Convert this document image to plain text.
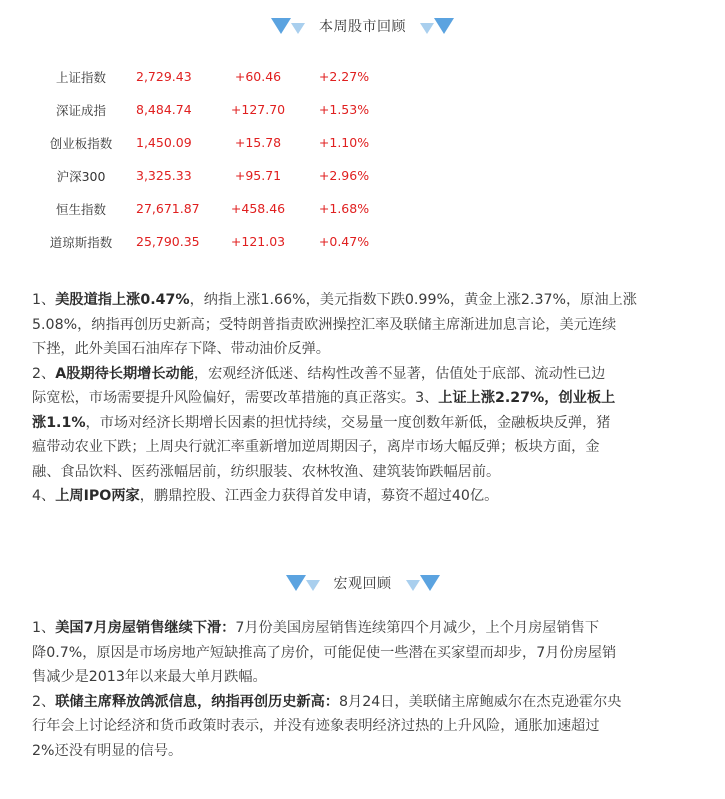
本周股市回顾
上证指数	2,729.43	+60.46	+2.27%
深证成指	8,484.74	+127.70	+1.53%
创业板指数	1,450.09	+15.78	+1.10%
沪深300	3,325.33	+95.71	+2.96%
恒生指数	27,671.87	+458.46	+1.68%
道琼斯指数	25,790.35	+121.03	+0.47%
1、美股道指上涨0.47%，纳指上涨1.66%，美元指数下跌0.99%，黄金上涨2.37%，原油上涨
5.08%，纳指再创历史新高；受特朗普指责欧洲操控汇率及联储主席渐进加息言论，美元连续
下挫，此外美国石油库存下降、带动油价反弹。
2、A股期待长期增长动能，宏观经济低迷、结构性改善不显著，估值处于底部、流动性已边
际宽松，市场需要提升风险偏好，需要改革措施的真正落实。3、上证上涨2.27%，创业板上
涨1.1%，市场对经济长期增长因素的担忧持续，交易量一度创数年新低，金融板块反弹，猪
瘟带动农业下跌；上周央行就汇率重新增加逆周期因子，离岸市场大幅反弹；板块方面，金
融、食品饮料、医药涨幅居前，纺织服装、农林牧渔、建筑装饰跌幅居前。
4、上周IPO两家，鹏鼎控股、江西金力获得首发申请，募资不超过40亿。
宏观回顾
1、美国7月房屋销售继续下滑：7月份美国房屋销售连续第四个月减少，上个月房屋销售下
降0.7%，原因是市场房地产短缺推高了房价，可能促使一些潜在买家望而却步，7月份房屋销
售减少是2013年以来最大单月跌幅。
2、联储主席释放鸽派信息，纳指再创历史新高：8月24日，美联储主席鲍威尔在杰克逊霍尔央
行年会上讨论经济和货币政策时表示，并没有迹象表明经济过热的上升风险，通胀加速超过
2%还没有明显的信号。
